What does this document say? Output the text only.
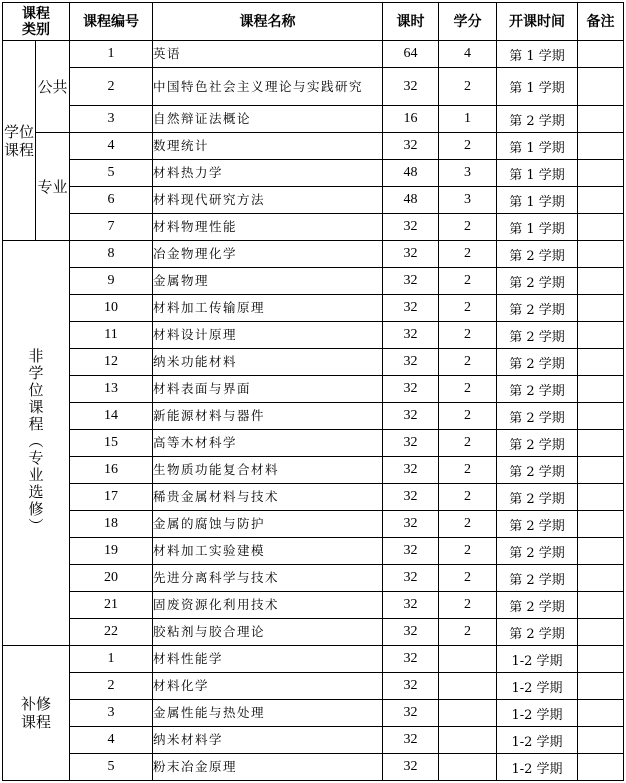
课程类别		课程编号	课程名称	课时	学分	开课时间	备注
学位课程	公共	1	英语	64	4	第 1 学期	
		2	中国特色社会主义理论与实践研究	32	2	第 1 学期	
		3	自然辩证法概论	16	1	第 2 学期	
	专业	4	数理统计	32	2	第 1 学期	
		5	材料热力学	48	3	第 1 学期	
		6	材料现代研究方法	48	3	第 1 学期	
		7	材料物理性能	32	2	第 1 学期	
非学位课程（专业选修）		8	冶金物理化学	32	2	第 2 学期	
		9	金属物理	32	2	第 2 学期	
		10	材料加工传输原理	32	2	第 2 学期	
		11	材料设计原理	32	2	第 2 学期	
		12	纳米功能材料	32	2	第 2 学期	
		13	材料表面与界面	32	2	第 2 学期	
		14	新能源材料与器件	32	2	第 2 学期	
		15	高等木材科学	32	2	第 2 学期	
		16	生物质功能复合材料	32	2	第 2 学期	
		17	稀贵金属材料与技术	32	2	第 2 学期	
		18	金属的腐蚀与防护	32	2	第 2 学期	
		19	材料加工实验建模	32	2	第 2 学期	
		20	先进分离科学与技术	32	2	第 2 学期	
		21	固废资源化利用技术	32	2	第 2 学期	
		22	胶粘剂与胶合理论	32	2	第 2 学期	
补修课程		1	材料性能学	32		1-2 学期	
		2	材料化学	32		1-2 学期	
		3	金属性能与热处理	32		1-2 学期	
		4	纳米材料学	32		1-2 学期	
		5	粉末冶金原理	32		1-2 学期	
